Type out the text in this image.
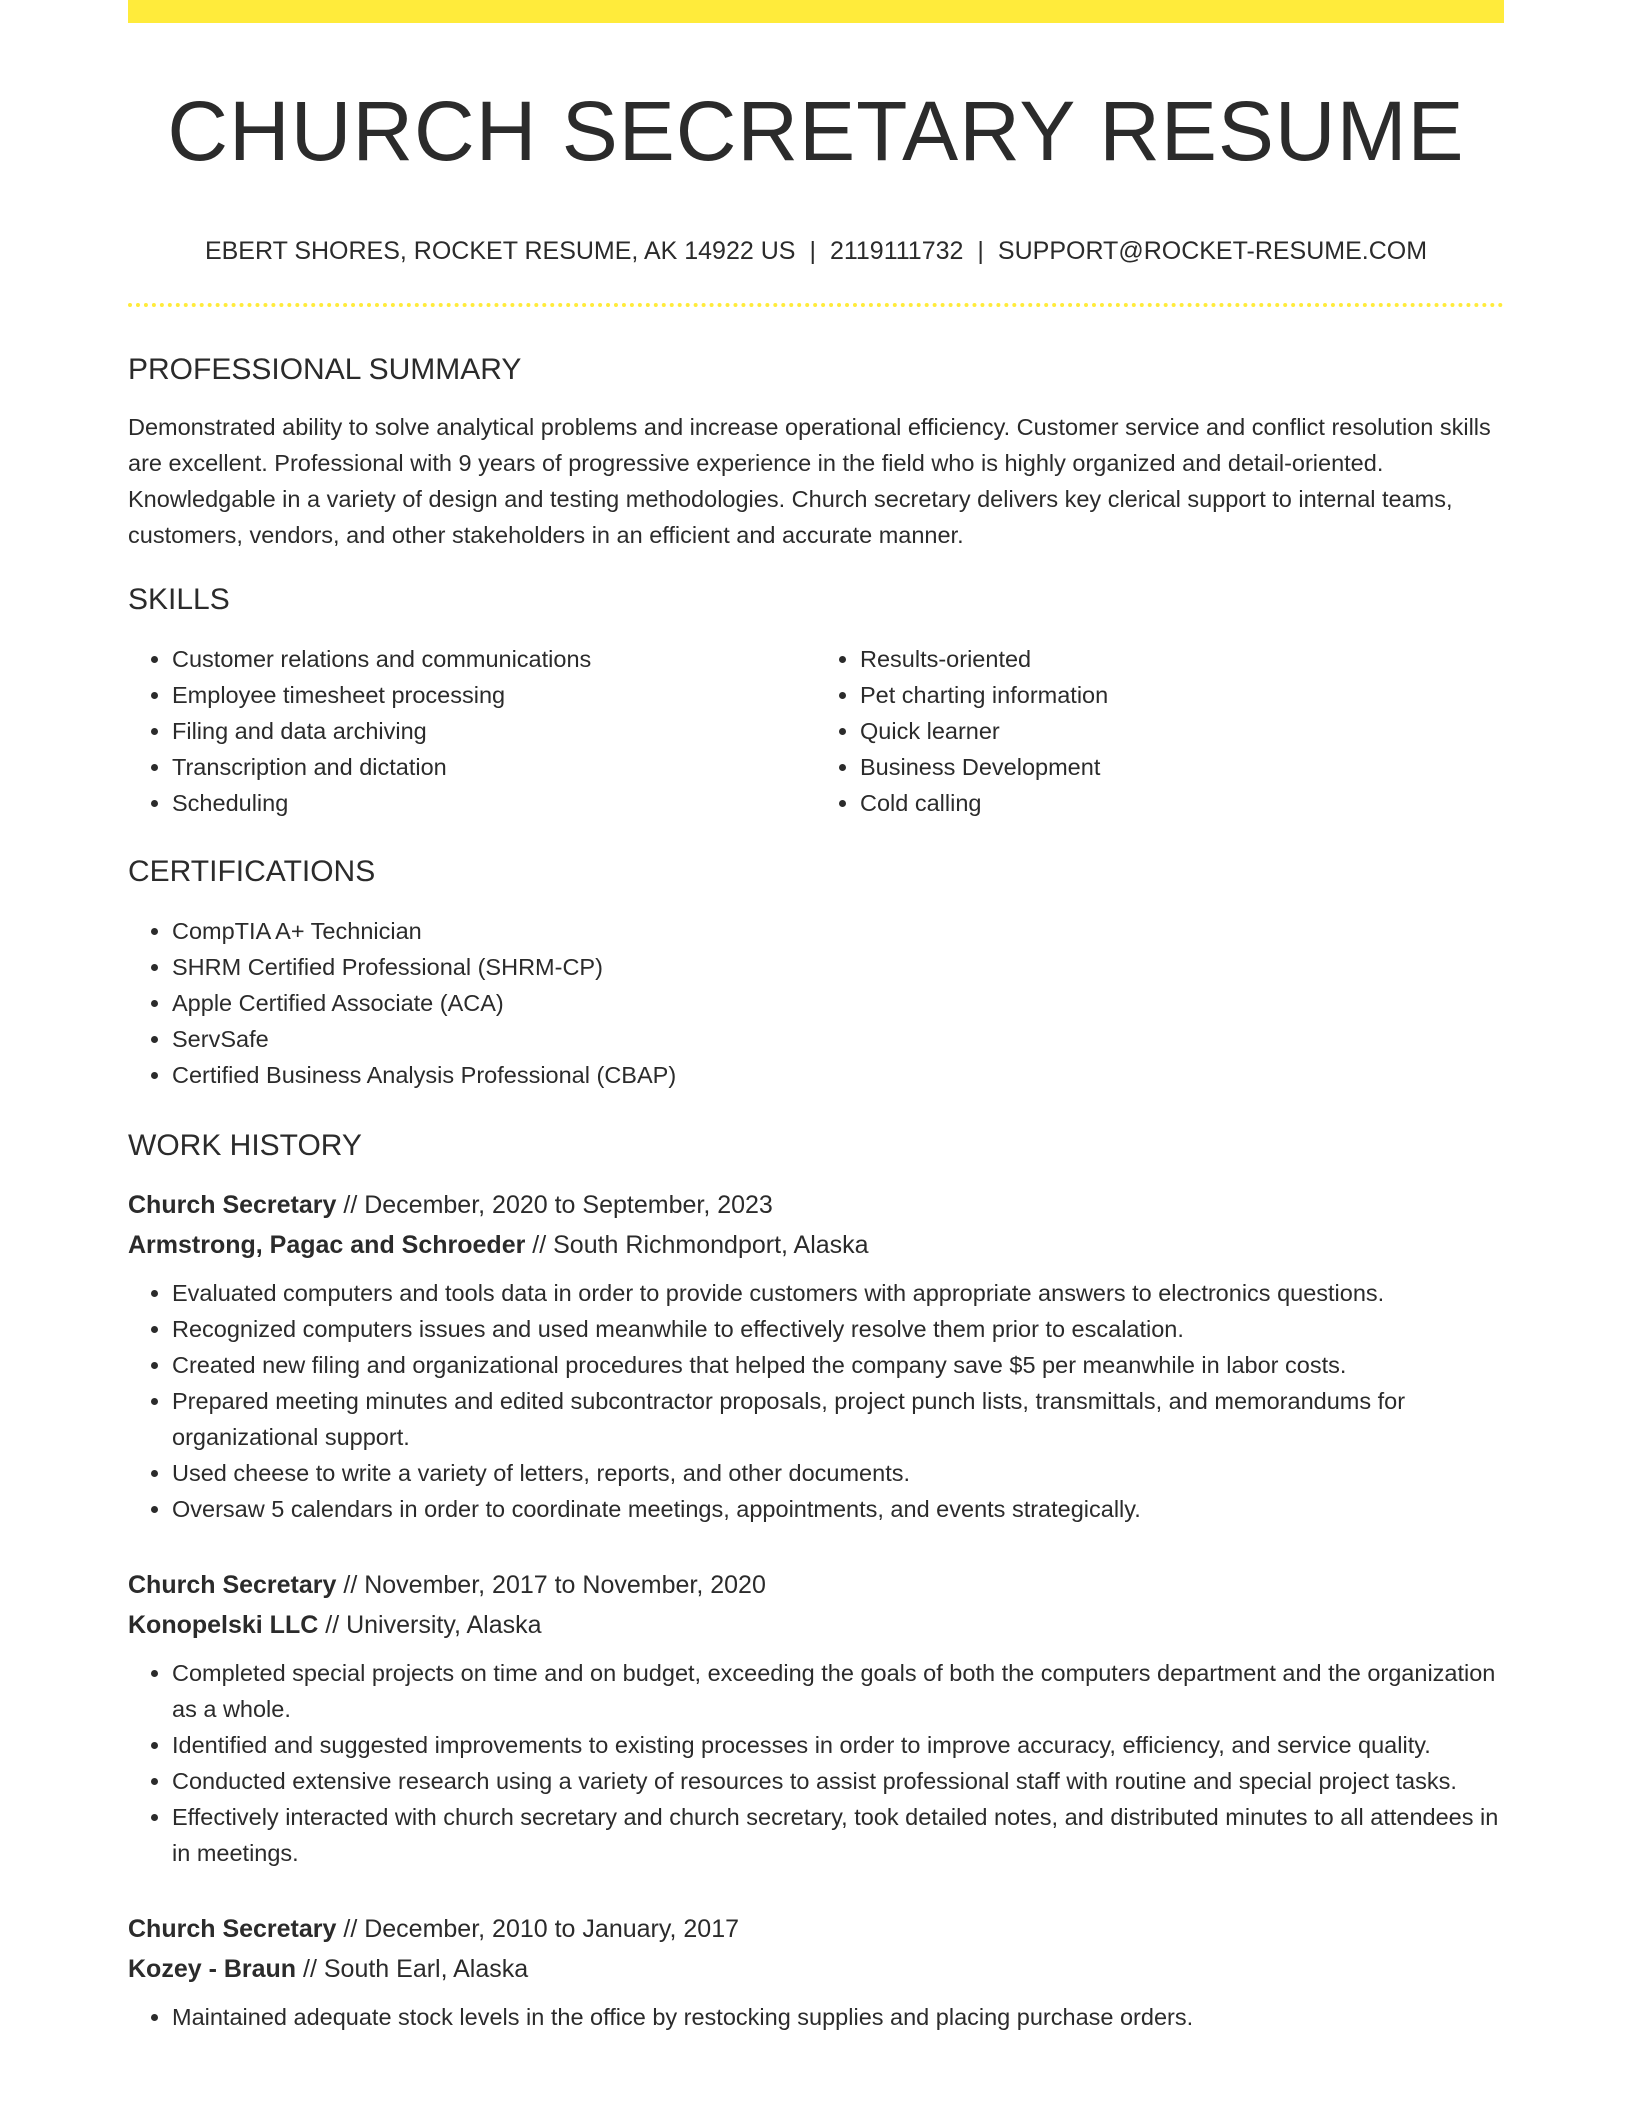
CHURCH SECRETARY RESUME
EBERT SHORES, ROCKET RESUME, AK 14922 US | 2119111732 | SUPPORT@ROCKET-RESUME.COM
PROFESSIONAL SUMMARY

Demonstrated ability to solve analytical problems and increase operational efficiency. Customer service and conflict resolution skills are excellent. Professional with 9 years of progressive experience in the field who is highly organized and detail-oriented. Knowledgable in a variety of design and testing methodologies. Church secretary delivers key clerical support to internal teams, customers, vendors, and other stakeholders in an efficient and accurate manner.

SKILLS
• Customer relations and communications
• Employee timesheet processing
• Filing and data archiving
• Transcription and dictation
• Scheduling
• Results-oriented
• Pet charting information
• Quick learner
• Business Development
• Cold calling
CERTIFICATIONS
• CompTIA A+ Technician
• SHRM Certified Professional (SHRM-CP)
• Apple Certified Associate (ACA)
• ServSafe
• Certified Business Analysis Professional (CBAP)
WORK HISTORY
Church Secretary // December, 2020 to September, 2023
Armstrong, Pagac and Schroeder // South Richmondport, Alaska
• Evaluated computers and tools data in order to provide customers with appropriate answers to electronics questions.
• Recognized computers issues and used meanwhile to effectively resolve them prior to escalation.
• Created new filing and organizational procedures that helped the company save $5 per meanwhile in labor costs.
• Prepared meeting minutes and edited subcontractor proposals, project punch lists, transmittals, and memorandums for organizational support.
• Used cheese to write a variety of letters, reports, and other documents.
• Oversaw 5 calendars in order to coordinate meetings, appointments, and events strategically.
Church Secretary // November, 2017 to November, 2020
Konopelski LLC // University, Alaska
• Completed special projects on time and on budget, exceeding the goals of both the computers department and the organization as a whole.
• Identified and suggested improvements to existing processes in order to improve accuracy, efficiency, and service quality.
• Conducted extensive research using a variety of resources to assist professional staff with routine and special project tasks.
• Effectively interacted with church secretary and church secretary, took detailed notes, and distributed minutes to all attendees in in meetings.
Church Secretary // December, 2010 to January, 2017
Kozey - Braun // South Earl, Alaska
• Maintained adequate stock levels in the office by restocking supplies and placing purchase orders.
